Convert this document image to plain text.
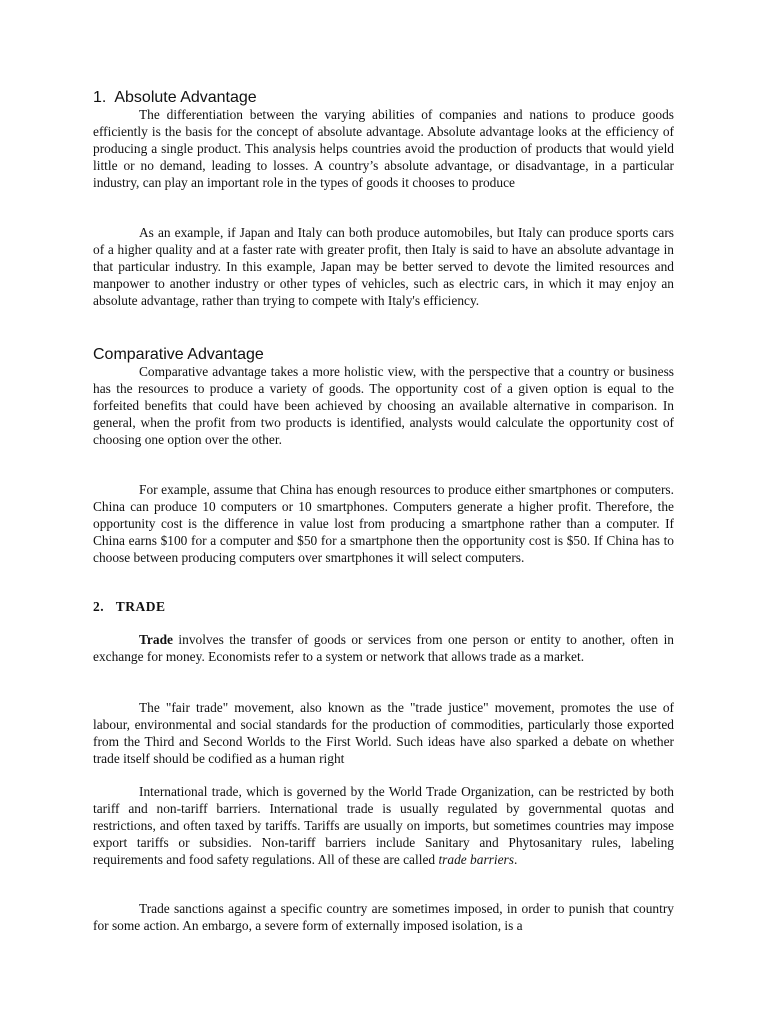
1. Absolute Advantage

The differentiation between the varying abilities of companies and nations to produce goods efficiently is the basis for the concept of absolute advantage. Absolute advantage looks at the efficiency of producing a single product. This analysis helps countries avoid the production of products that would yield little or no demand, leading to losses. A country’s absolute advantage, or disadvantage, in a particular industry, can play an important role in the types of goods it chooses to produce

As an example, if Japan and Italy can both produce automobiles, but Italy can produce sports cars of a higher quality and at a faster rate with greater profit, then Italy is said to have an absolute advantage in that particular industry. In this example, Japan may be better served to devote the limited resources and manpower to another industry or other types of vehicles, such as electric cars, in which it may enjoy an absolute advantage, rather than trying to compete with Italy's efficiency.

Comparative Advantage

Comparative advantage takes a more holistic view, with the perspective that a country or business has the resources to produce a variety of goods. The opportunity cost of a given option is equal to the forfeited benefits that could have been achieved by choosing an available alternative in comparison. In general, when the profit from two products is identified, analysts would calculate the opportunity cost of choosing one option over the other.

For example, assume that China has enough resources to produce either smartphones or computers. China can produce 10 computers or 10 smartphones. Computers generate a higher profit. Therefore, the opportunity cost is the difference in value lost from producing a smartphone rather than a computer. If China earns $100 for a computer and $50 for a smartphone then the opportunity cost is $50. If China has to choose between producing computers over smartphones it will select computers.

2. TRADE

Trade involves the transfer of goods or services from one person or entity to another, often in exchange for money. Economists refer to a system or network that allows trade as a market.

The "fair trade" movement, also known as the "trade justice" movement, promotes the use of labour, environmental and social standards for the production of commodities, particularly those exported from the Third and Second Worlds to the First World. Such ideas have also sparked a debate on whether trade itself should be codified as a human right

International trade, which is governed by the World Trade Organization, can be restricted by both tariff and non-tariff barriers. International trade is usually regulated by governmental quotas and restrictions, and often taxed by tariffs. Tariffs are usually on imports, but sometimes countries may impose export tariffs or subsidies. Non-tariff barriers include Sanitary and Phytosanitary rules, labeling requirements and food safety regulations. All of these are called trade barriers.

Trade sanctions against a specific country are sometimes imposed, in order to punish that country for some action. An embargo, a severe form of externally imposed isolation, is a
